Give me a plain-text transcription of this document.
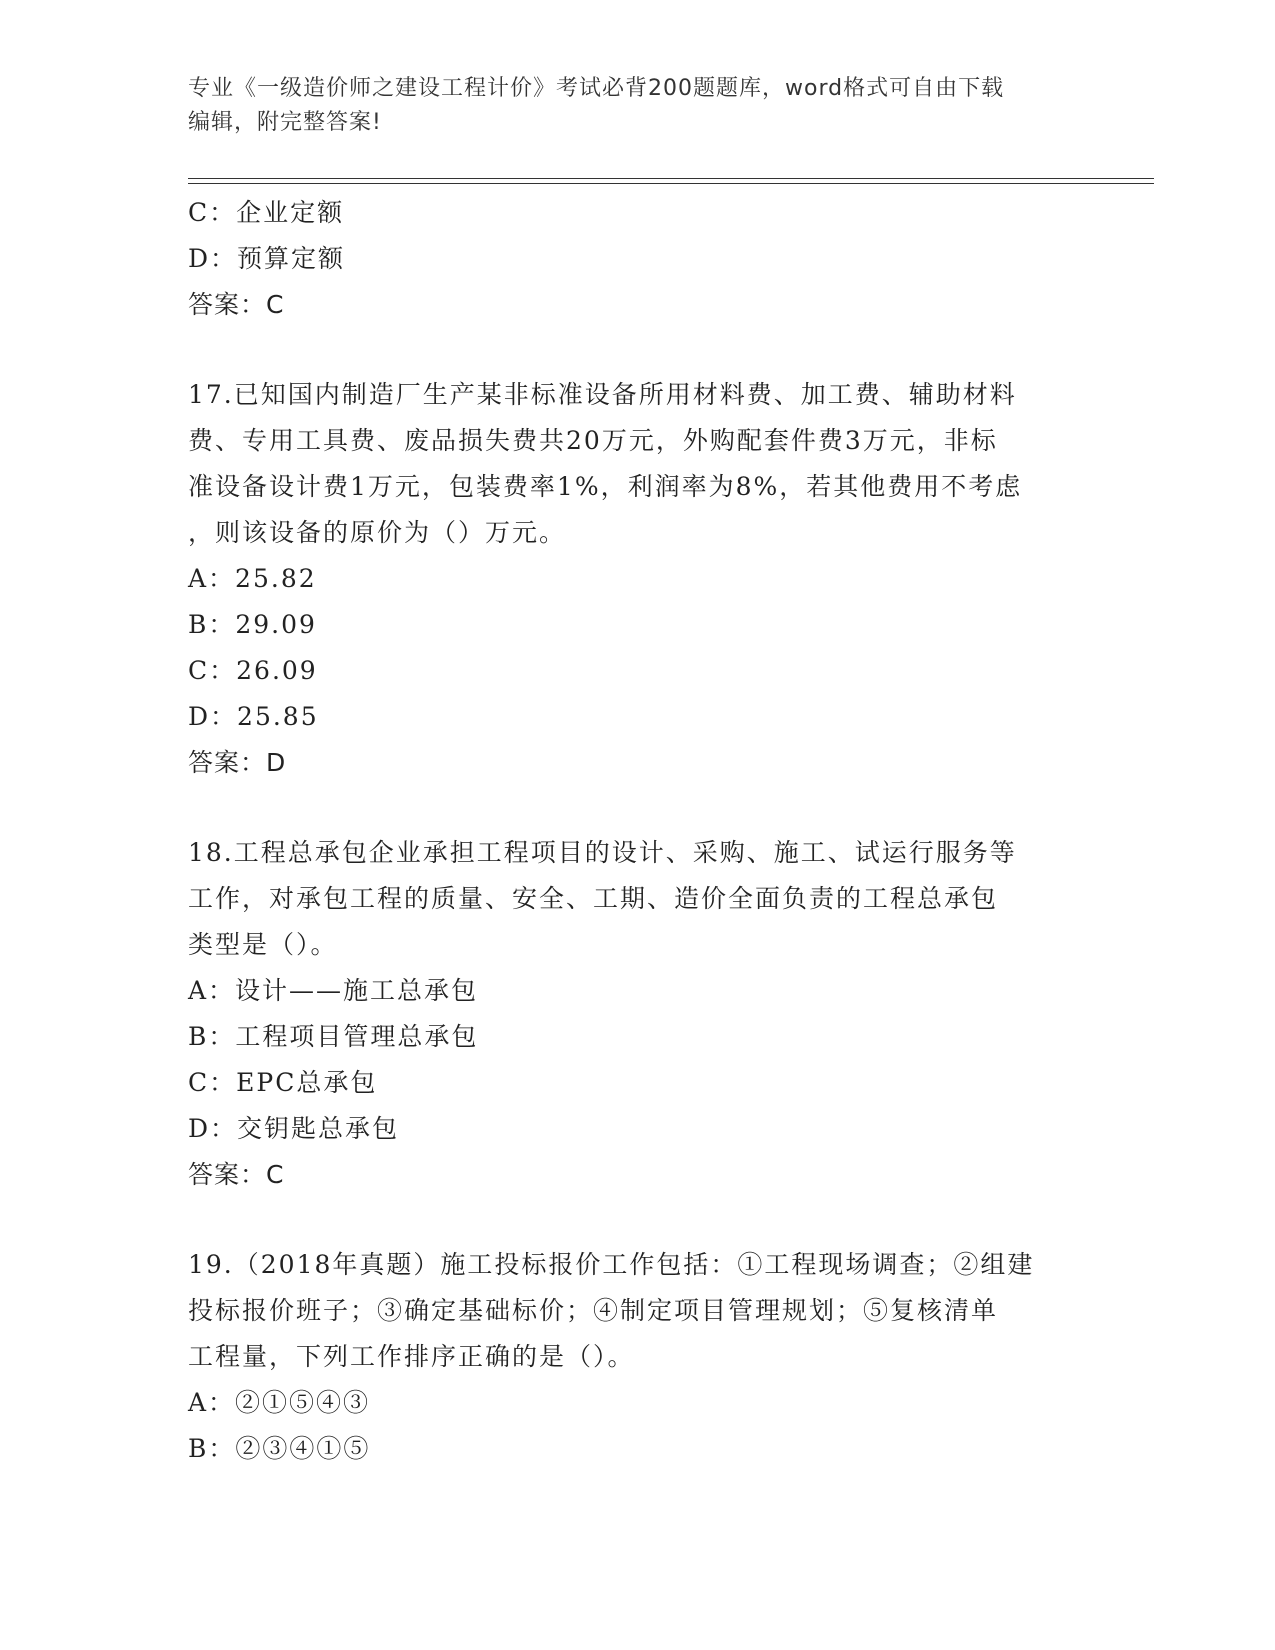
专业《一级造价师之建设工程计价》考试必背200题题库，word格式可自由下载
编辑，附完整答案!
C：企业定额
D：预算定额
答案：C
17.已知国内制造厂生产某非标准设备所用材料费、加工费、辅助材料
费、专用工具费、废品损失费共20万元，外购配套件费3万元，非标
准设备设计费1万元，包装费率1%，利润率为8%，若其他费用不考虑
，则该设备的原价为（）万元。
A：25.82
B：29.09
C：26.09
D：25.85
答案：D
18.工程总承包企业承担工程项目的设计、采购、施工、试运行服务等
工作，对承包工程的质量、安全、工期、造价全面负责的工程总承包
类型是（）。
A：设计——施工总承包
B：工程项目管理总承包
C：EPC总承包
D：交钥匙总承包
答案：C
19.（2018年真题）施工投标报价工作包括：①工程现场调查；②组建
投标报价班子；③确定基础标价；④制定项目管理规划；⑤复核清单
工程量，下列工作排序正确的是（）。
A：②①⑤④③
B：②③④①⑤
